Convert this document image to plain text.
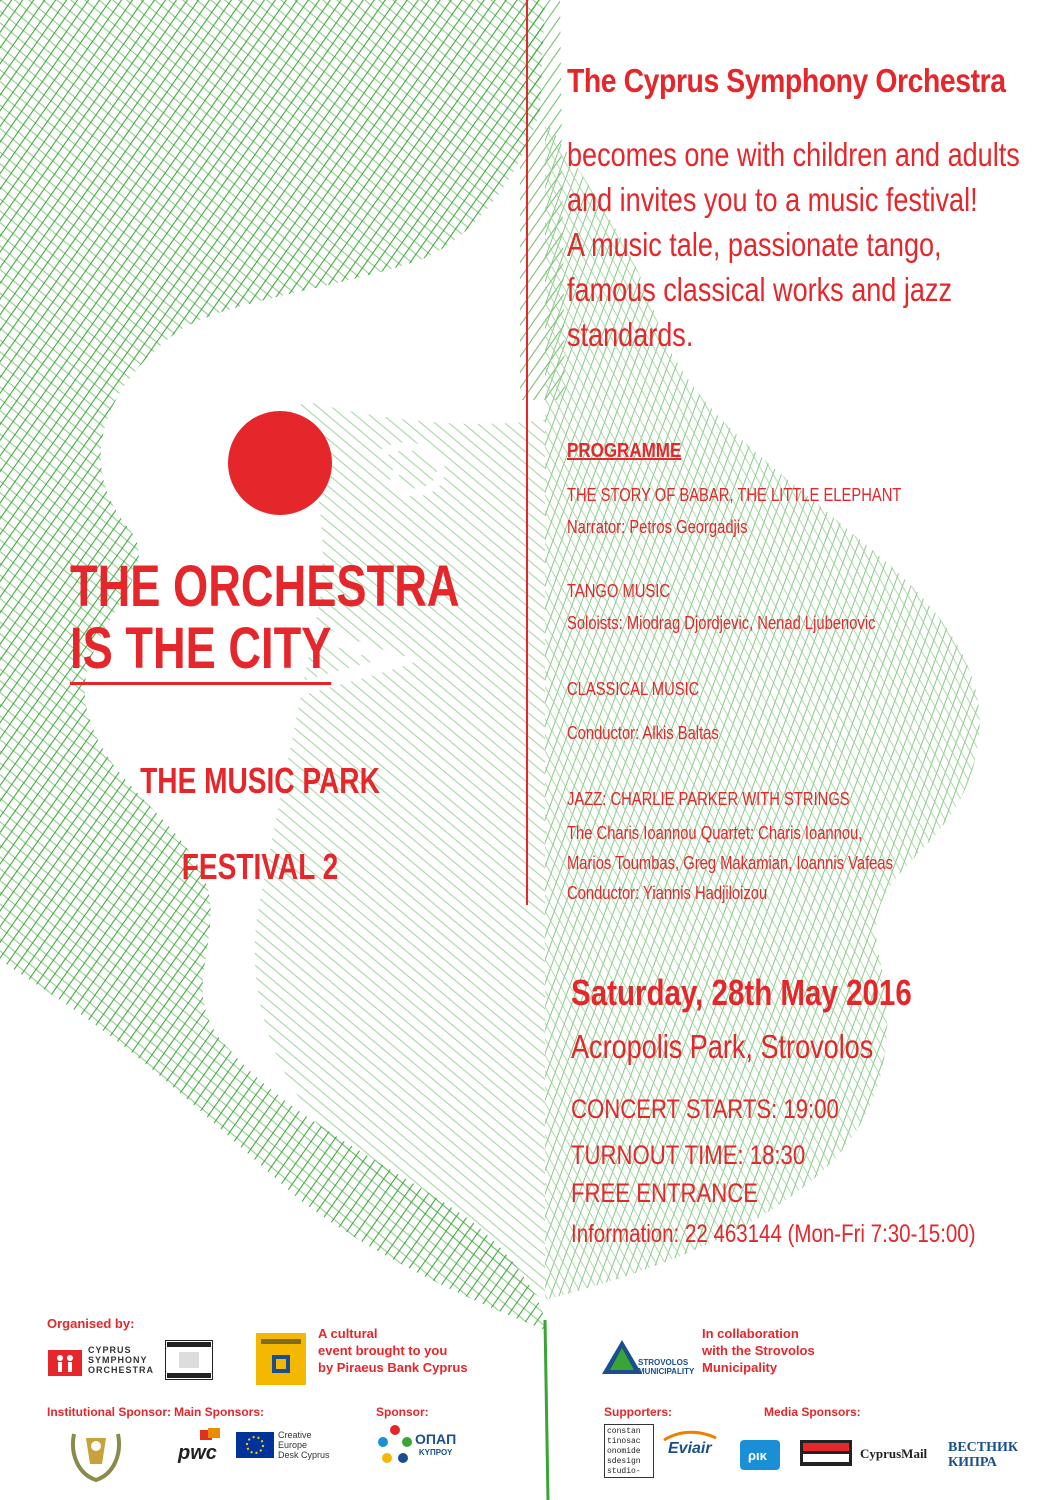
The Cyprus Symphony Orchestra
becomes one with children and adults
and invites you to a music festival!
A music tale, passionate tango,
famous classical works and jazz
standards.
PROGRAMME
THE STORY OF BABAR, THE LITTLE ELEPHANT
Narrator: Petros Georgadjis
TANGO MUSIC
Soloists: Miodrag Djordjevic, Nenad Ljubenovic
CLASSICAL MUSIC
Conductor: Alkis Baltas
JAZZ: CHARLIE PARKER WITH STRINGS
The Charis Ioannou Quartet: Charis Ioannou,
Marios Toumbas, Greg Makamian, Ioannis Vafeas
Conductor: Yiannis Hadjiloizou
THE ORCHESTRA
IS THE CITY
THE MUSIC PARK
FESTIVAL 2
Saturday, 28th May 2016
Acropolis Park, Strovolos
CONCERT STARTS: 19:00
TURNOUT TIME: 18:30
FREE ENTRANCE
Information: 22 463144 (Mon-Fri 7:30-15:00)
Organised by:
CYPRUS
SYMPHONY
ORCHESTRA
A cultural
event brought to you
by Piraeus Bank Cyprus	STROVOLOS
MUNICIPALITY
In collaboration
with the Strovolos
Municipality
Institutional Sponsor: Main Sponsors:	Sponsor:	Supporters:	Media Sponsors:
pwc
Creative
Europe
Desk Cyprus
ΟΠΑΠ
ΚΥΠΡΟΥ
constan
tinosac
onomide
sdesign
studio-
Eviair	ρικ	CyprusMail ВЕСТНИК КИПРА
